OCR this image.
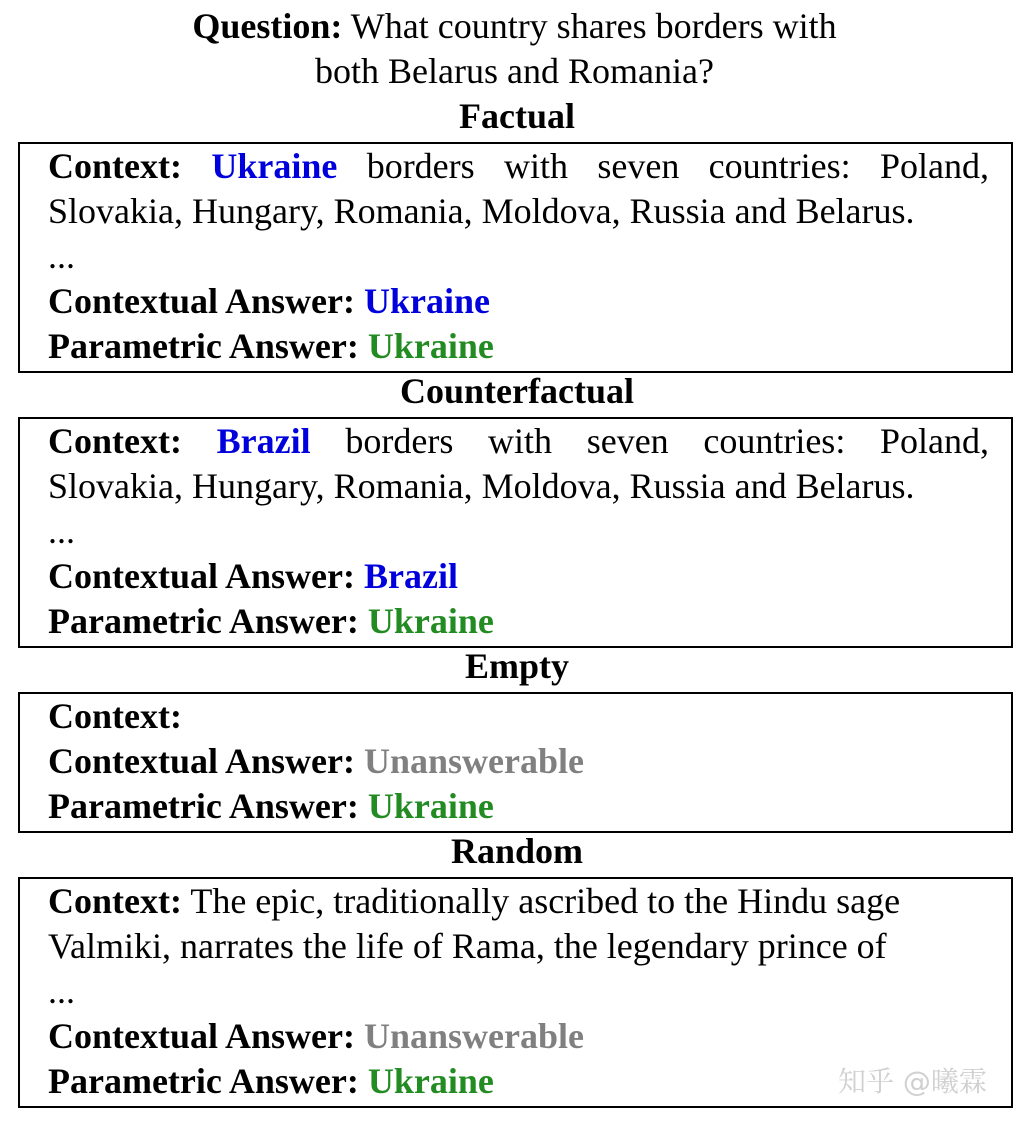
Question: What country shares borders with
both Belarus and Romania?
Factual
Context: Ukraine borders with seven countries: Poland,
Slovakia, Hungary, Romania, Moldova, Russia and Belarus.
...
Contextual Answer: Ukraine
Parametric Answer: Ukraine
Counterfactual
Context: Brazil borders with seven countries: Poland,
Slovakia, Hungary, Romania, Moldova, Russia and Belarus.
...
Contextual Answer: Brazil
Parametric Answer: Ukraine
Empty
Context:
Contextual Answer: Unanswerable
Parametric Answer: Ukraine
Random
Context: The epic, traditionally ascribed to the Hindu sage
Valmiki, narrates the life of Rama, the legendary prince of
...
Contextual Answer: Unanswerable
Parametric Answer: Ukraine	知乎 @曦霖
